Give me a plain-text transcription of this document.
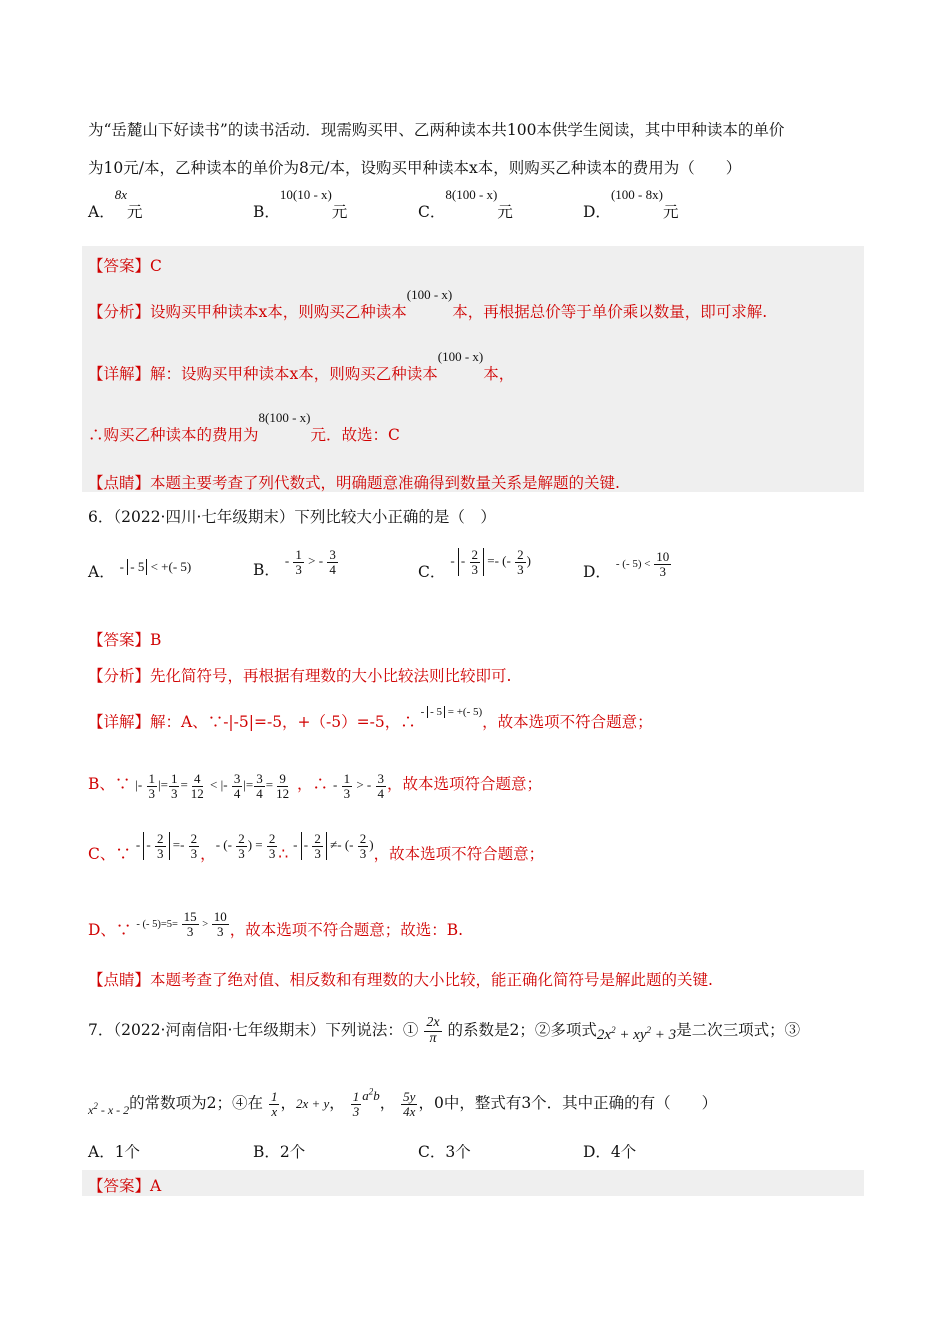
为“岳麓山下好读书”的读书活动．现需购买甲、乙两种读本共100本供学生阅读，其中甲种读本的单价
为10元/本，乙种读本的单价为8元/本，设购买甲种读本x本，则购买乙种读本的费用为（　　）
A．$^{8x}$元	B．$^{10(10 - x)}$元	C．$^{8(100 - x)}$元	D．$^{(100 - 8x)}$元
【答案】C
【分析】设购买甲种读本x本，则购买乙种读本$^{(100 - x)}$本，再根据总价等于单价乘以数量，即可求解.
【详解】解：设购买甲种读本x本，则购买乙种读本$^{(100 - x)}$本，
∴购买乙种读本的费用为$^{8(100 - x)}$元．故选：C
【点睛】本题主要考查了列代数式，明确题意准确得到数量关系是解题的关键.
6．（2022·四川·七年级期末）下列比较大小正确的是（　）
A． $^{- - 5 < +(- 5)}$	B． $^{- \frac{1}{3} > - \frac{3}{4}}$	C． $^{- - \frac{2}{3} =- (- \frac{2}{3} )}$
D． $^{- (- 5) < \frac{10}{3}}$
【答案】B
【分析】先化简符号，再根据有理数的大小比较法则比较即可.
【详解】解：A、∵-|-5|=-5，+（-5）=-5，∴ $^{- - 5 = +(- 5)}$，故本选项不符合题意；
B、∵ |- $\frac{1}{3}$ |= $\frac{1}{3} = \frac{4}{12}$ < |- $\frac{3}{4}$ |= $\frac{3}{4} = \frac{9}{12}$ ，∴ - $\frac{1}{3}$ > - $\frac{3}{4}$ ，故本选项符合题意；
C、∵ $^{- - \frac{2}{3} =- \frac{2}{3}}$ ，$^{- (- \frac{2}{3} ) = \frac{2}{3}}$ ∴ $^{- - \frac{2}{3} \ne- (- \frac{2}{3} )}$，故本选项不符合题意；
D、∵ $^{- (- 5)=5= \frac{15}{3} > \frac{10}{3}}$ ，故本选项不符合题意；故选：B.
【点睛】本题考查了绝对值、相反数和有理数的大小比较，能正确化简符号是解此题的关键.
7．（2022·河南信阳·七年级期末）下列说法：① $\frac{2x}{\pi}$ 的系数是2；②多项式$2x^2 + xy^2 + 3$是二次三项式；③
$_{x^2 - x - 2}$的常数项为2；④在 $\frac{1}{x}$ ，2x + y， $\frac{1}{3} ^{a^2b}$， $\frac{5y}{4x}$ ，0中，整式有3个．其中正确的有（　　）
A．1个	B．2个	C．3个	D．4个
【答案】A
